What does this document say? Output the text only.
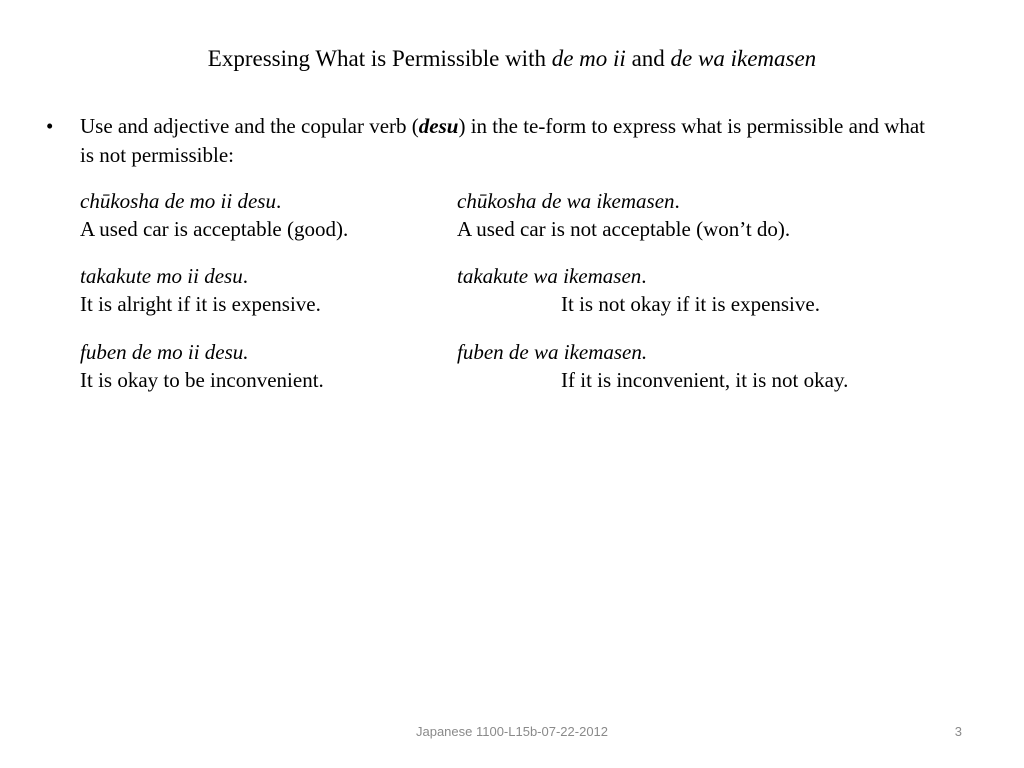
Expressing What is Permissible with de mo ii and de wa ikemasen
•	Use and adjective and the copular verb (desu) in the te-form to express what is permissible and what is not permissible:
chūkosha de mo ii desu.

A used car is acceptable (good).
chūkosha de wa ikemasen.

A used car is not acceptable (won’t do).
takakute mo ii desu.

It is alright if it is expensive.
takakute wa ikemasen.
It is not okay if it is expensive.
fuben de mo ii desu.

It is okay to be inconvenient.
fuben de wa ikemasen.
If it is inconvenient, it is not okay.
Japanese 1100-L15b-07-22-2012	3
